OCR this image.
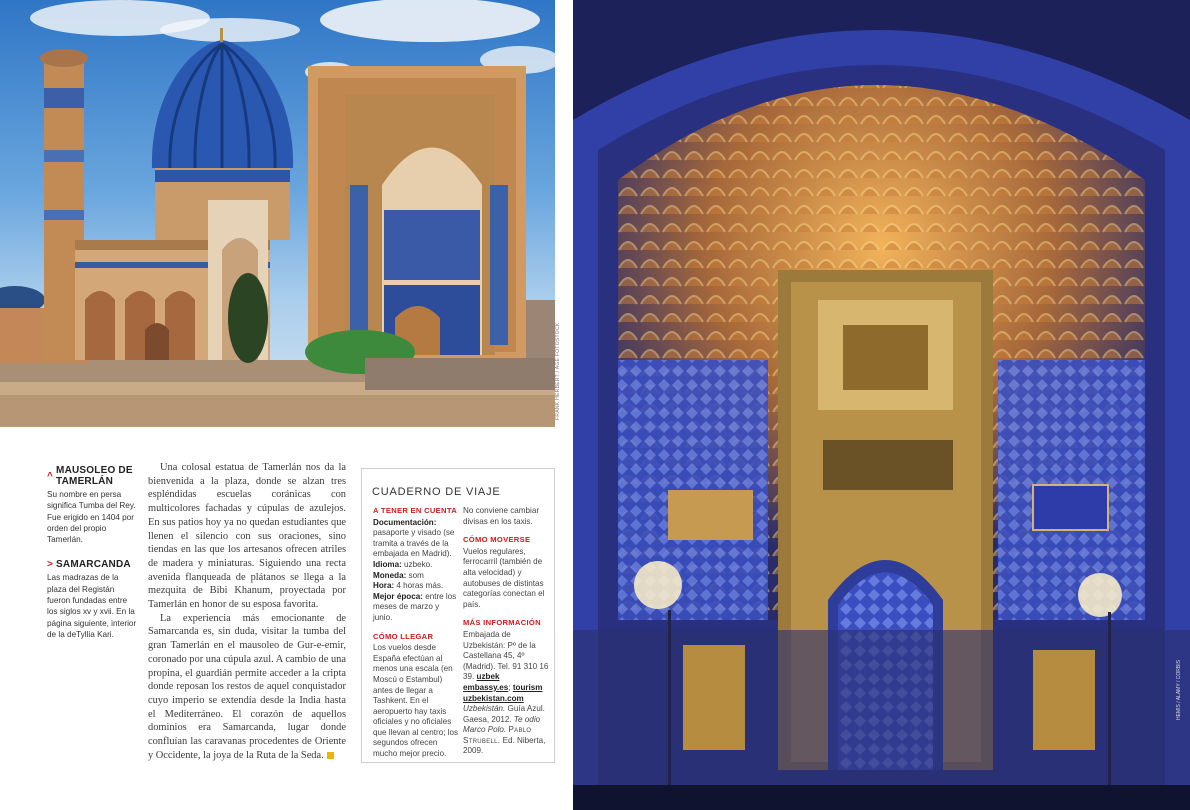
FRANK HERBERT / AGE FOTOSTOCK
^ MAUSOLEO DE TAMERLÁN
Su nombre en persa significa Tumba del Rey. Fue erigido en 1404 por orden del propio Tamerlán.
> SAMARCANDA
Las madrazas de la plaza del Registán fueron fundadas entre los siglos xv y xvii. En la página siguiente, interior de la deTyllia Kari.

Una colosal estatua de Tamerlán nos da la bienvenida a la plaza, donde se alzan tres espléndidas escuelas coránicas con multicolores fachadas y cúpulas de azulejos. En sus patios hoy ya no quedan estudiantes que llenen el silencio con sus oraciones, sino tiendas en las que los artesanos ofrecen atriles de madera y miniaturas. Siguiendo una recta avenida flanqueada de plátanos se llega a la mezquita de Bibi Khanum, proyectada por Tamerlán en honor de su esposa favorita.

La experiencia más emocionante de Samarcanda es, sin duda, visitar la tumba del gran Tamerlán en el mausoleo de Gur-e-emir, coronado por una cúpula azul. A cambio de una propina, el guardián permite acceder a la cripta donde reposan los restos de aquel conquistador cuyo imperio se extendía desde la India hasta el Mediterráneo. El corazón de aquellos dominios era Samarcanda, lugar donde confluían las caravanas procedentes de Oriente y Occidente, la joya de la Ruta de la Seda.

CUADERNO DE VIAJE
A TENER EN CUENTA
Documentación: pasaporte y visado (se tramita a través de la embajada en Madrid).
Idioma: uzbeko.
Moneda: som
Hora: 4 horas más.
Mejor época: entre los meses de marzo y junio.
CÓMO LLEGAR
Los vuelos desde España efectúan al menos una escala (en Moscú o Estambul) antes de llegar a Tashkent. En el aeropuerto hay taxis oficiales y no oficiales que llevan al centro; los segundos ofrecen mucho mejor precio.
No conviene cambiar divisas en los taxis.
CÓMO MOVERSE
Vuelos regulares, ferrocarril (también de alta velocidad) y autobuses de distintas categorías conectan el país.
MÁS INFORMACIÓN
Embajada de Uzbekistán: Pº de la Castellana 45, 4º (Madrid). Tel. 91 310 16 39. uzbek embassy.es; tourism uzbekistan.com Uzbekistán. Guía Azul. Gaesa, 2012. Te odio Marco Polo. Pablo Strubell. Ed. Niberta, 2009.
HEMIS / ALAMY / CORBIS
